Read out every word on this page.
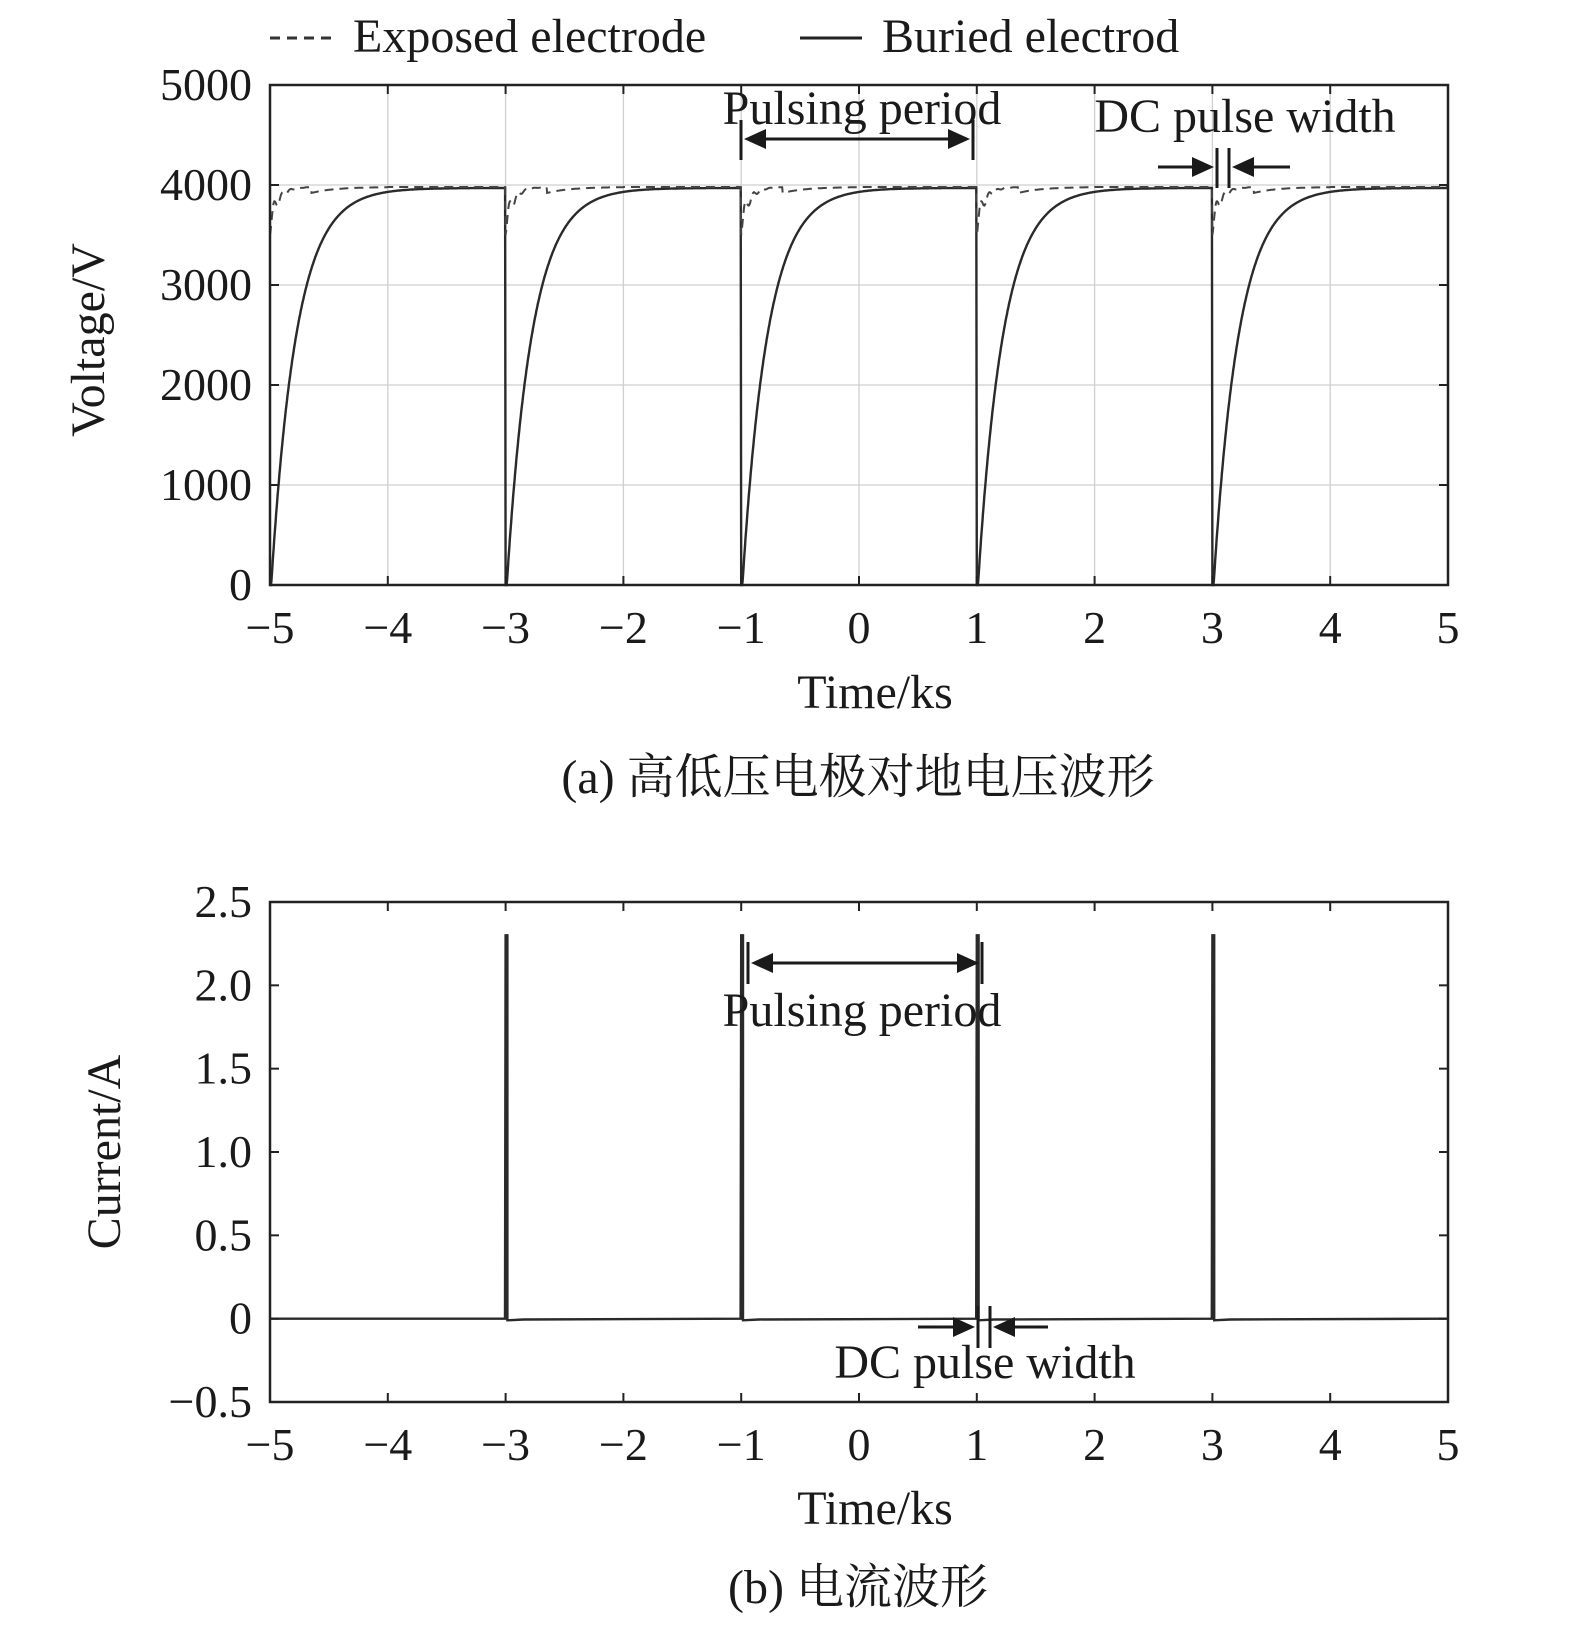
−5 −4 −3 −2 −1 0 1 2 3 4 5
0
1000
2000
3000
4000
5000
Time/ks
Voltage/V
(a) 高低压电极对地电压波形
Exposed electrode	Buried electrod
Pulsing period DC pulse width
−5 −4 −3 −2 −1 0 1 2 3 4 5
−0.5
0
0.5
1.0
1.5
2.0
2.5
Time/ks
Current/A
(b) 电流波形
Pulsing period
DC pulse width
